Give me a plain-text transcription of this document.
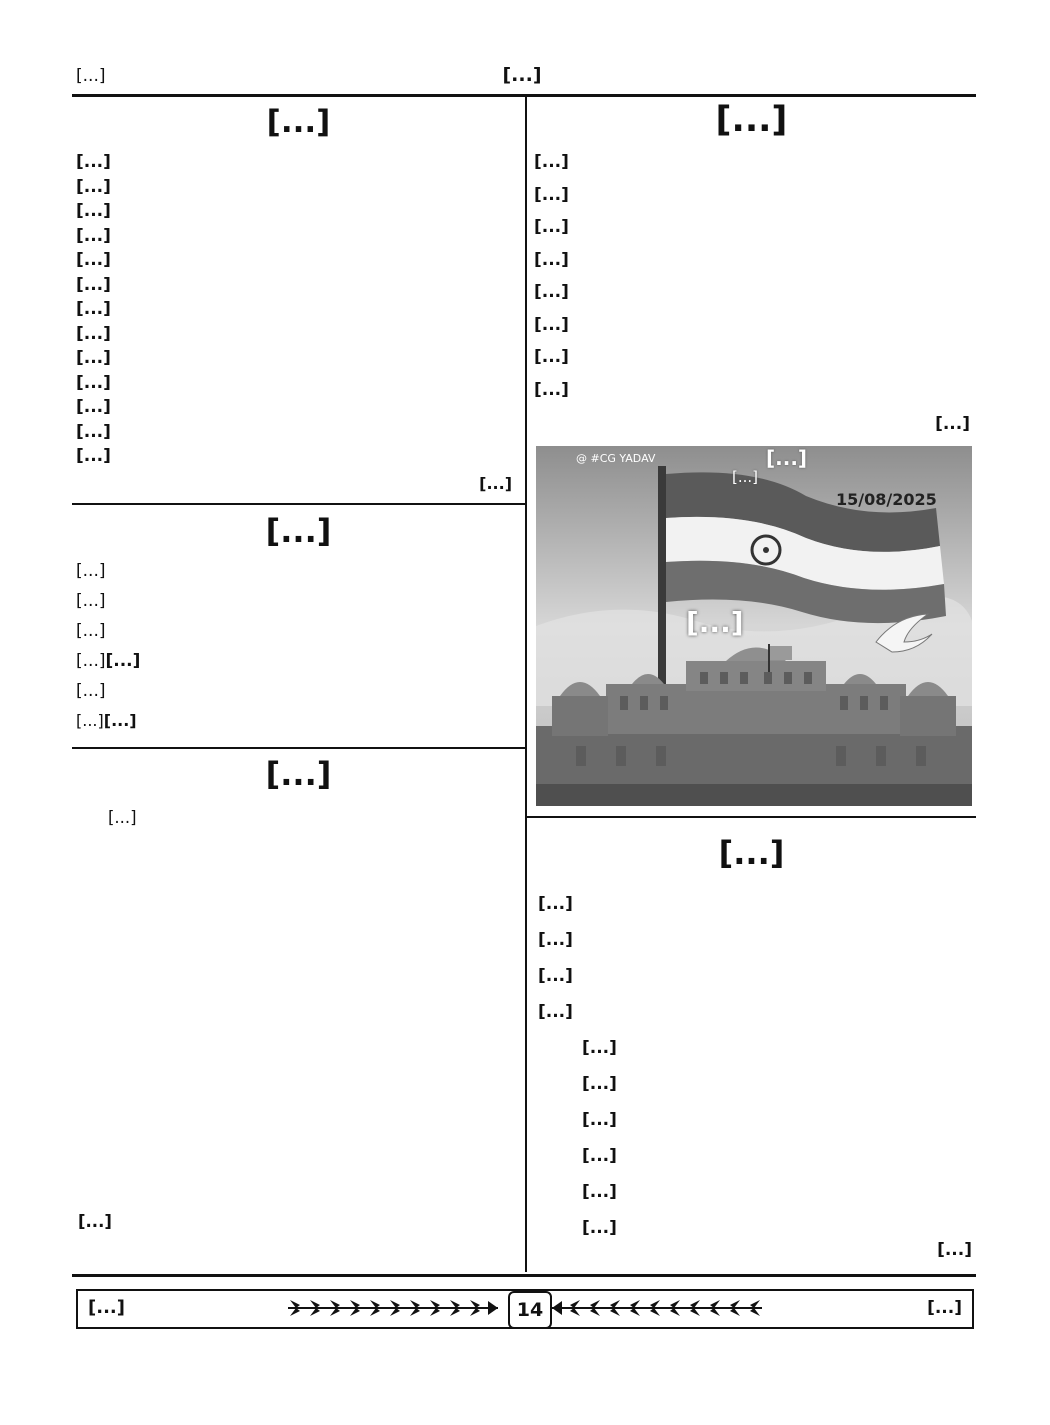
[...]	[...]
[...]
[...]
[...]
[...]
[...]
[...]
[...]
[...]
[...]
[...]
[...]
[...]
[...]
[...]
[...]
[...]
[...]
[...]
[...]
[...][...]
[...]
[...][...]
[...]
[...]
[...]
[...]
[...]
[...]
[...]
[...]
[...]
[...]
[...]
[...]
[...]
@ #CG YADAV	[...]
[...]
15/08/2025
[...]
[...]
[...]
[...]
[...]
[...]
[...]
[...]
[...]
[...]
[...]
[...]
[...]
[...]	14	[...]
